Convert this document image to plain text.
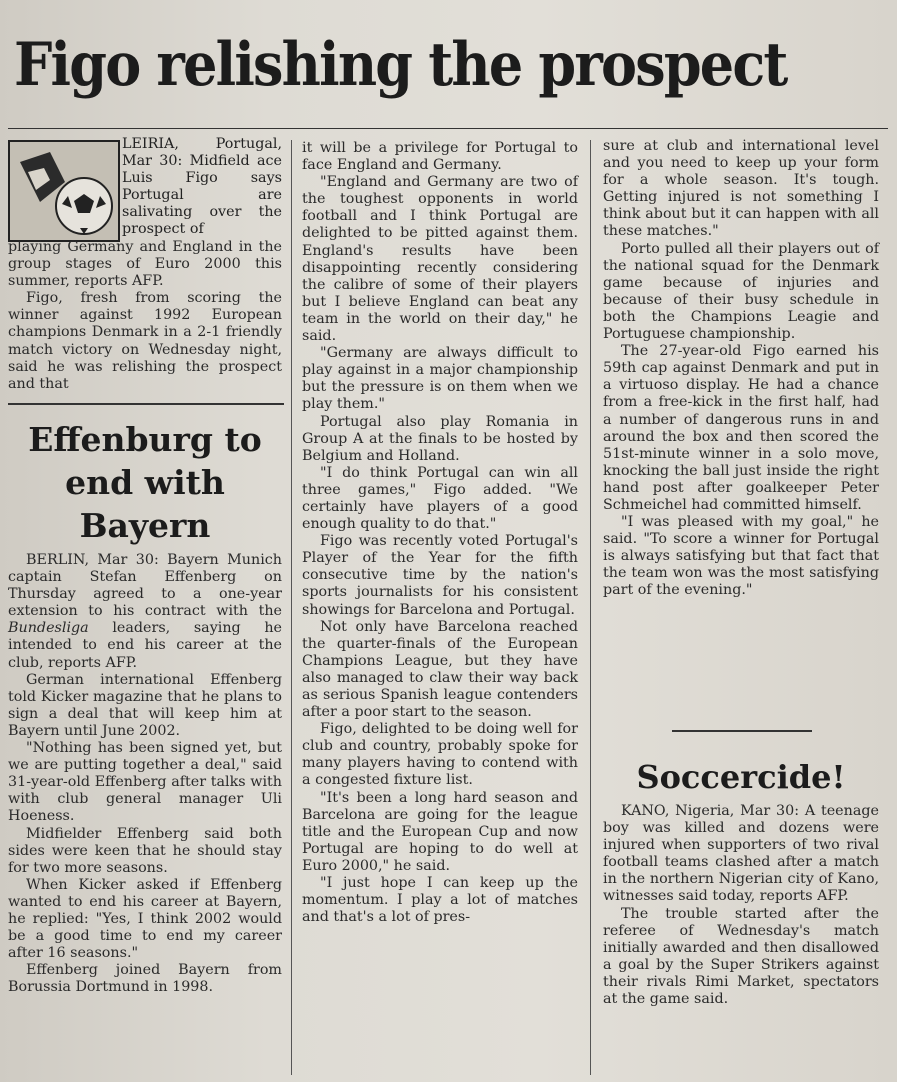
Figo relishing the prospect
LEIRIA, Portugal, Mar 30: Midfield ace Luis Figo says Portugal are salivating over the prospect of

playing Germany and England in the group stages of Euro 2000 this summer, reports AFP.

Figo, fresh from scoring the winner against 1992 European champions Denmark in a 2-1 friendly match victory on Wednesday night, said he was relishing the prospect and that

Effenburg to end with Bayern

BERLIN, Mar 30: Bayern Munich captain Stefan Effenberg on Thursday agreed to a one-year extension to his contract with the Bundesliga leaders, saying he intended to end his career at the club, reports AFP.

German international Effenberg told Kicker magazine that he plans to sign a deal that will keep him at Bayern until June 2002.

"Nothing has been signed yet, but we are putting together a deal," said 31-year-old Effenberg after talks with with club general manager Uli Hoeness.

Midfielder Effenberg said both sides were keen that he should stay for two more seasons.

When Kicker asked if Effenberg wanted to end his career at Bayern, he replied: "Yes, I think 2002 would be a good time to end my career after 16 seasons."

Effenberg joined Bayern from Borussia Dortmund in 1998.

it will be a privilege for Portugal to face England and Germany.

"England and Germany are two of the toughest opponents in world football and I think Portugal are delighted to be pitted against them. England's results have been disappointing recently considering the calibre of some of their players but I believe England can beat any team in the world on their day," he said.

"Germany are always difficult to play against in a major championship but the pressure is on them when we play them."

Portugal also play Romania in Group A at the finals to be hosted by Belgium and Holland.

"I do think Portugal can win all three games," Figo added. "We certainly have players of a good enough quality to do that."

Figo was recently voted Portugal's Player of the Year for the fifth consecutive time by the nation's sports journalists for his consistent showings for Barcelona and Portugal.

Not only have Barcelona reached the quarter-finals of the European Champions League, but they have also managed to claw their way back as serious Spanish league contenders after a poor start to the season.

Figo, delighted to be doing well for club and country, probably spoke for many players having to contend with a congested fixture list.

"It's been a long hard season and Barcelona are going for the league title and the European Cup and now Portugal are hoping to do well at Euro 2000," he said.

"I just hope I can keep up the momentum. I play a lot of matches and that's a lot of pres-

sure at club and international level and you need to keep up your form for a whole season. It's tough. Getting injured is not something I think about but it can happen with all these matches."

Porto pulled all their players out of the national squad for the Denmark game because of injuries and because of their busy schedule in both the Champions Leagie and Portuguese championship.

The 27-year-old Figo earned his 59th cap against Denmark and put in a virtuoso display. He had a chance from a free-kick in the first half, had a number of dangerous runs in and around the box and then scored the 51st-minute winner in a solo move, knocking the ball just inside the right hand post after goalkeeper Peter Schmeichel had committed himself.

"I was pleased with my goal," he said. "To score a winner for Portugal is always satisfying but that fact that the team won was the most satisfying part of the evening."

Soccercide!

KANO, Nigeria, Mar 30: A teenage boy was killed and dozens were injured when supporters of two rival football teams clashed after a match in the northern Nigerian city of Kano, witnesses said today, reports AFP.

The trouble started after the referee of Wednesday's match initially awarded and then disallowed a goal by the Super Strikers against their rivals Rimi Market, spectators at the game said.
